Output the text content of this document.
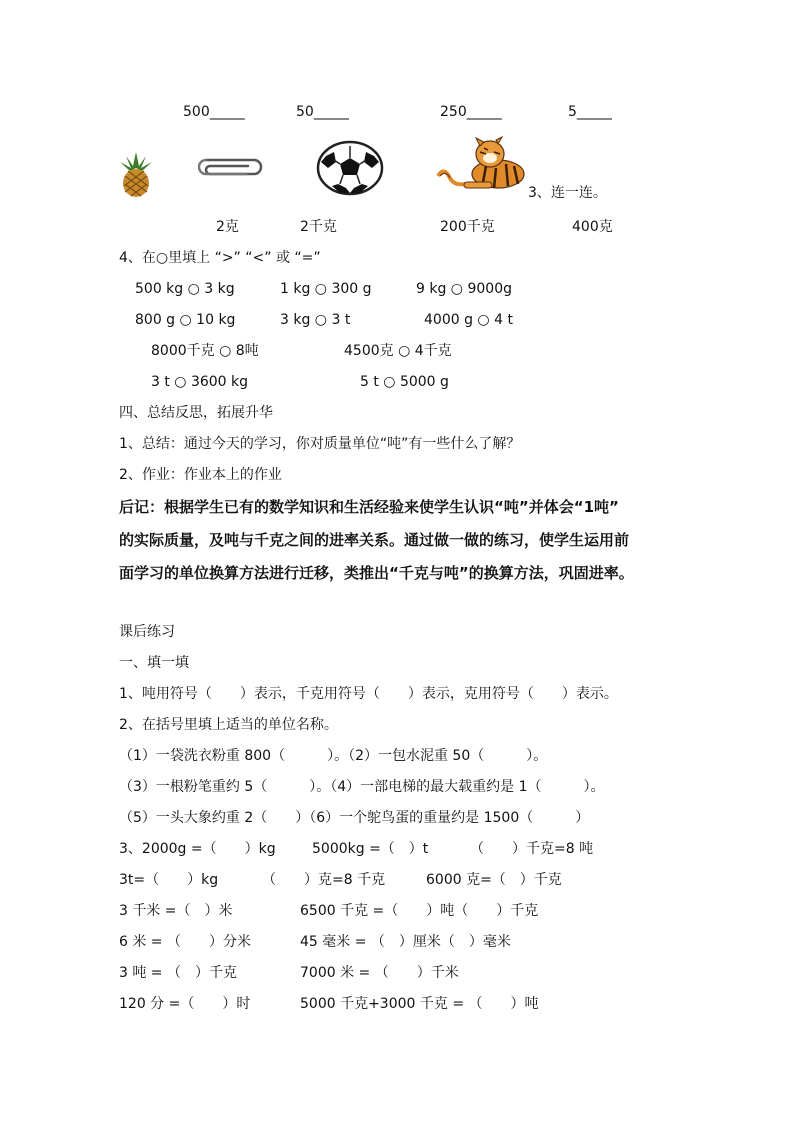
500_____	50_____	250_____	5_____
3、连一连。
2克	2千克	200千克	400克
4、在○里填上 “>” “<” 或 “=”
500 kg ○ 3 kg	1 kg ○ 300 g	9 kg ○ 9000g
800 g ○ 10 kg	3 kg ○ 3 t	4000 g ○ 4 t
8000千克 ○ 8吨	4500克 ○ 4千克
3 t ○ 3600 kg	5 t ○ 5000 g
四、总结反思，拓展升华
1、总结：通过今天的学习，你对质量单位“吨”有一些什么了解？
2、作业：作业本上的作业
后记：根据学生已有的数学知识和生活经验来使学生认识“吨”并体会“1吨”
的实际质量，及吨与千克之间的进率关系。通过做一做的练习，使学生运用前
面学习的单位换算方法进行迁移，类推出“千克与吨”的换算方法，巩固进率。
课后练习
一、填一填
1、吨用符号（　　）表示，千克用符号（　　）表示，克用符号（　　）表示。
2、在括号里填上适当的单位名称。
（1）一袋洗衣粉重 800（　　　）。（2）一包水泥重 50（　　　）。
（3）一根粉笔重约 5（　　　）。（4）一部电梯的最大载重约是 1（　　　）。
（5）一头大象约重 2（　　）（6）一个鸵鸟蛋的重量约是 1500（　　　）
3、2000g =（　　）kg	5000kg =（　）t	（　　）千克=8 吨
3t=（　　）kg	（　　）克=8 千克	6000 克=（　）千克
3 千米 =（　）米	6500 千克 =（　　）吨（　　）千克
6 米 = （　　）分米	45 毫米 = （　）厘米（　）毫米
3 吨 = （　）千克	7000 米 = （　　）千米
120 分 =（　　）时	5000 千克+3000 千克 = （　　）吨
